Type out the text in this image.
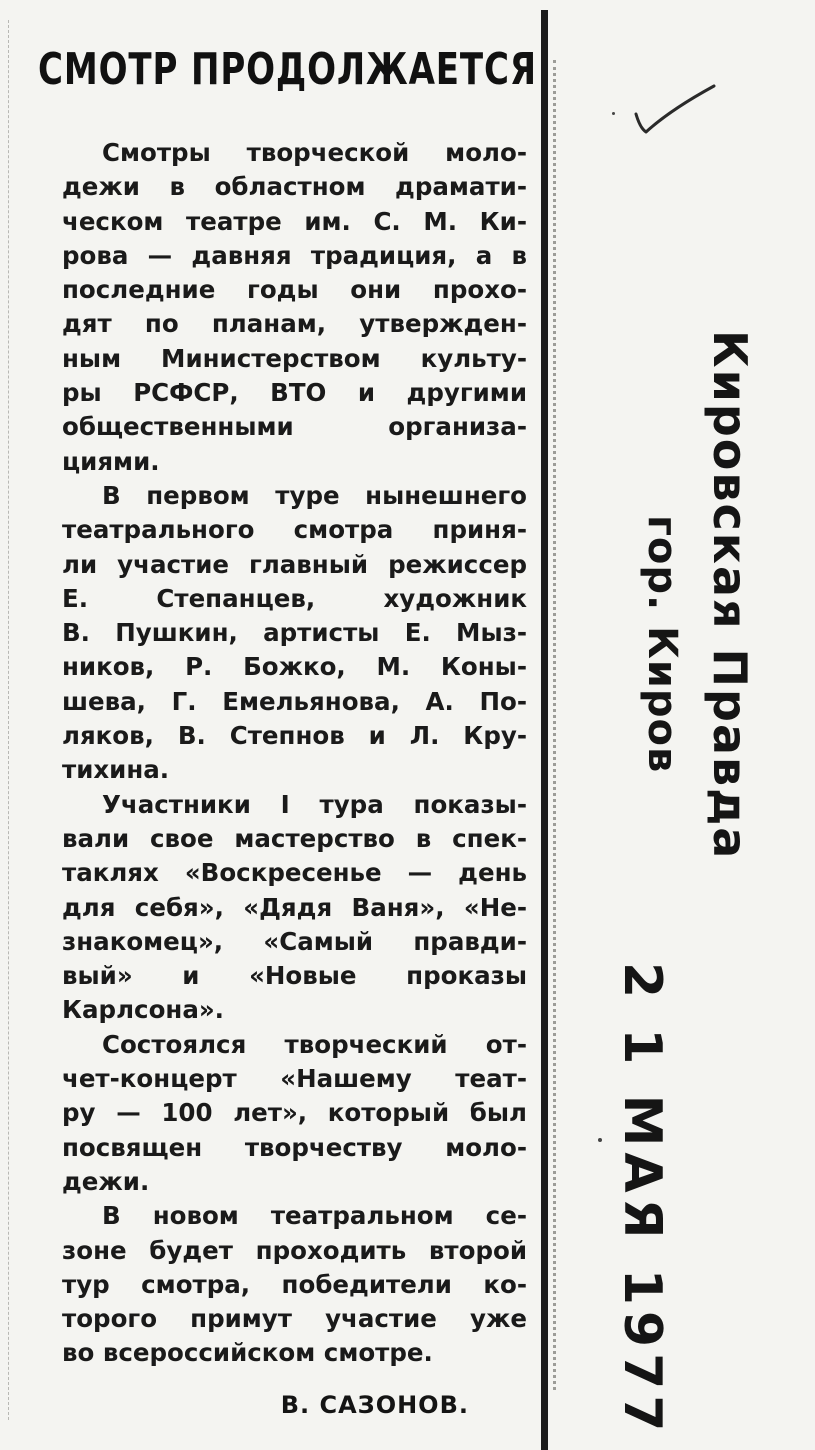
СМОТР ПРОДОЛЖАЕТСЯ

Смотры творческой моло-
дежи в областном драмати-
ческом театре им. С. М. Ки-
рова — давняя традиция, а в
последние годы они прохо-
дят по планам, утвержден-
ным Министерством культу-
ры РСФСР, ВТО и другими
общественными организа-
циями.

В первом туре нынешнего
театрального смотра приня-
ли участие главный режиссер
Е. Степанцев, художник
В. Пушкин, артисты Е. Мыз-
ников, Р. Божко, М. Коны-
шева, Г. Емельянова, А. По-
ляков, В. Степнов и Л. Кру-
тихина.

Участники I тура показы-
вали свое мастерство в спек-
таклях «Воскресенье — день
для себя», «Дядя Ваня», «Не-
знакомец», «Самый правди-
вый» и «Новые проказы
Карлсона».

Состоялся творческий от-
чет-концерт «Нашему теат-
ру — 100 лет», который был
посвящен творчеству моло-
дежи.

В новом театральном се-
зоне будет проходить второй
тур смотра, победители ко-
торого примут участие уже
во всероссийском смотре.

В. САЗОНОВ.
Кировская Правда
гор. Киров
2 1 МАЯ 1977
